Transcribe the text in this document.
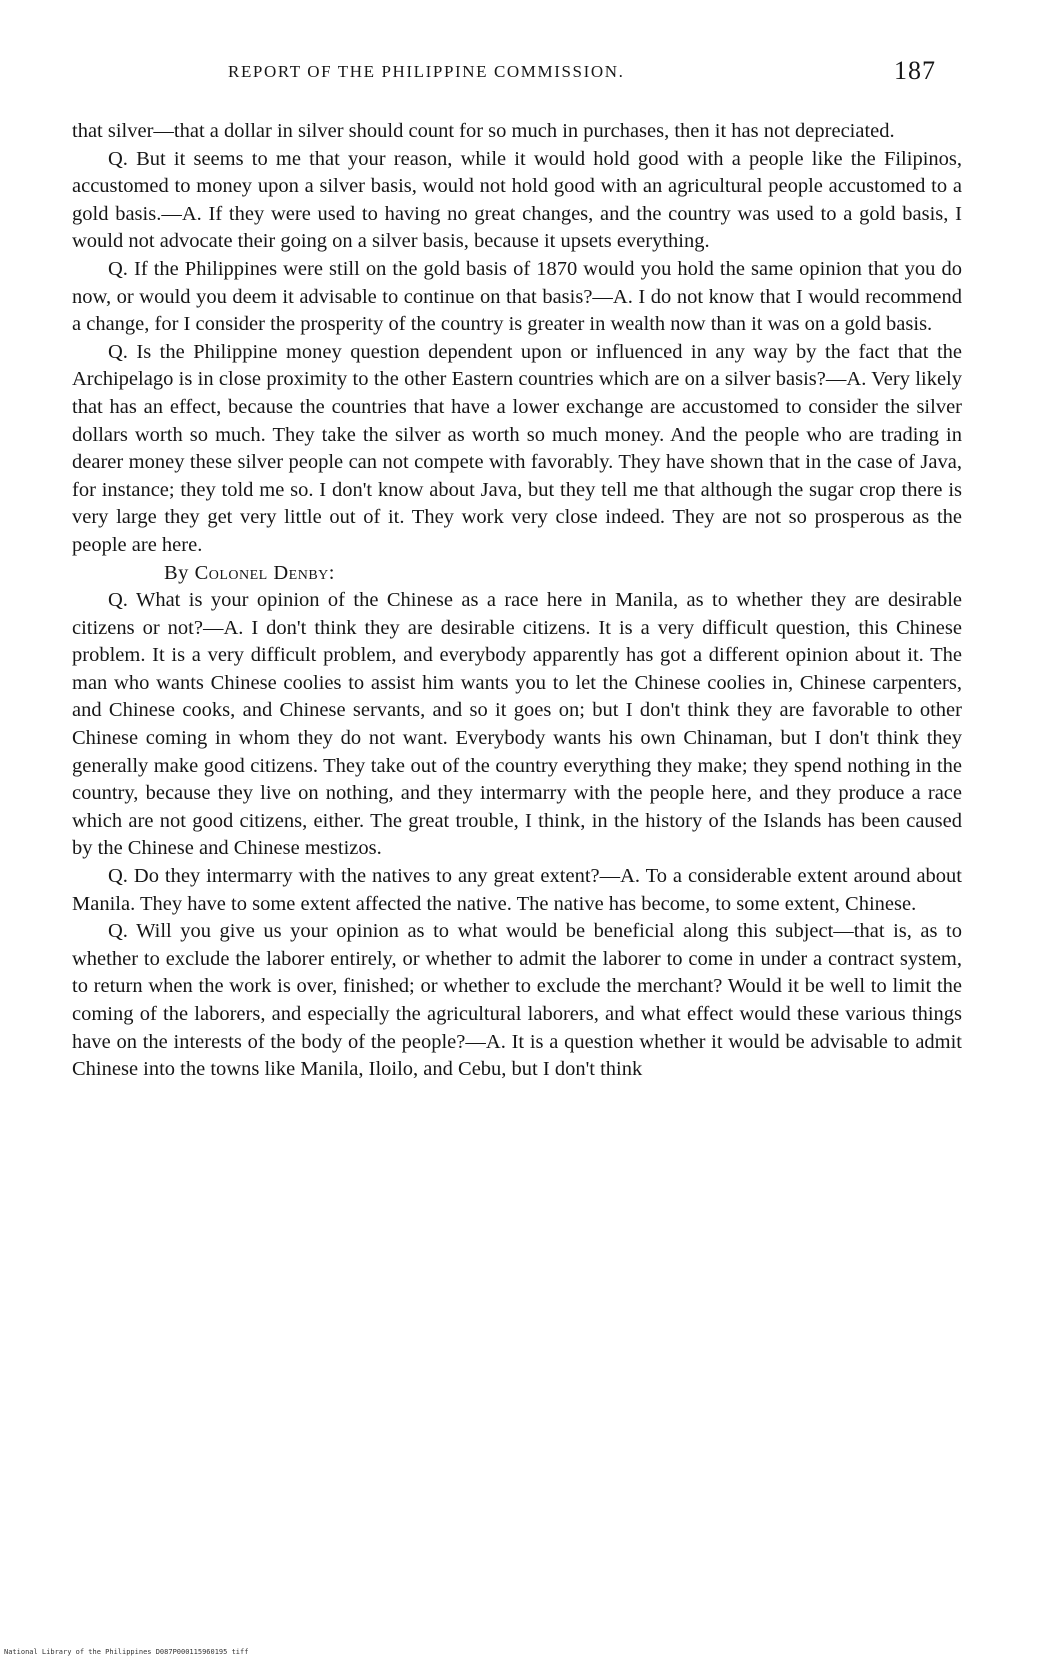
REPORT OF THE PHILIPPINE COMMISSION.	187

that silver—that a dollar in silver should count for so much in purchases, then it has not depreciated.

Q. But it seems to me that your reason, while it would hold good with a people like the Filipinos, accustomed to money upon a silver basis, would not hold good with an agricultural people accustomed to a gold basis.—A. If they were used to having no great changes, and the country was used to a gold basis, I would not advocate their going on a silver basis, because it upsets everything.

Q. If the Philippines were still on the gold basis of 1870 would you hold the same opinion that you do now, or would you deem it advisable to continue on that basis?—A. I do not know that I would recommend a change, for I consider the prosperity of the country is greater in wealth now than it was on a gold basis.

Q. Is the Philippine money question dependent upon or influenced in any way by the fact that the Archipelago is in close proximity to the other Eastern countries which are on a silver basis?—A. Very likely that has an effect, because the countries that have a lower exchange are accustomed to consider the silver dollars worth so much. They take the silver as worth so much money. And the people who are trading in dearer money these silver people can not compete with favorably. They have shown that in the case of Java, for instance; they told me so. I don't know about Java, but they tell me that although the sugar crop there is very large they get very little out of it. They work very close indeed. They are not so prosperous as the people are here.

By Colonel Denby:

Q. What is your opinion of the Chinese as a race here in Manila, as to whether they are desirable citizens or not?—A. I don't think they are desirable citizens. It is a very difficult question, this Chinese problem. It is a very difficult problem, and everybody apparently has got a different opinion about it. The man who wants Chinese coolies to assist him wants you to let the Chinese coolies in, Chinese carpenters, and Chinese cooks, and Chinese servants, and so it goes on; but I don't think they are favorable to other Chinese coming in whom they do not want. Everybody wants his own Chinaman, but I don't think they generally make good citizens. They take out of the country everything they make; they spend nothing in the country, because they live on nothing, and they intermarry with the people here, and they produce a race which are not good citizens, either. The great trouble, I think, in the history of the Islands has been caused by the Chinese and Chinese mestizos.

Q. Do they intermarry with the natives to any great extent?—A. To a considerable extent around about Manila. They have to some extent affected the native. The native has become, to some extent, Chinese.

Q. Will you give us your opinion as to what would be beneficial along this subject—that is, as to whether to exclude the laborer entirely, or whether to admit the laborer to come in under a contract system, to return when the work is over, finished; or whether to exclude the merchant? Would it be well to limit the coming of the laborers, and especially the agricultural laborers, and what effect would these various things have on the interests of the body of the people?—A. It is a question whether it would be advisable to admit Chinese into the towns like Manila, Iloilo, and Cebu, but I don't think

National Library of the Philippines D087P000115960195 tiff
